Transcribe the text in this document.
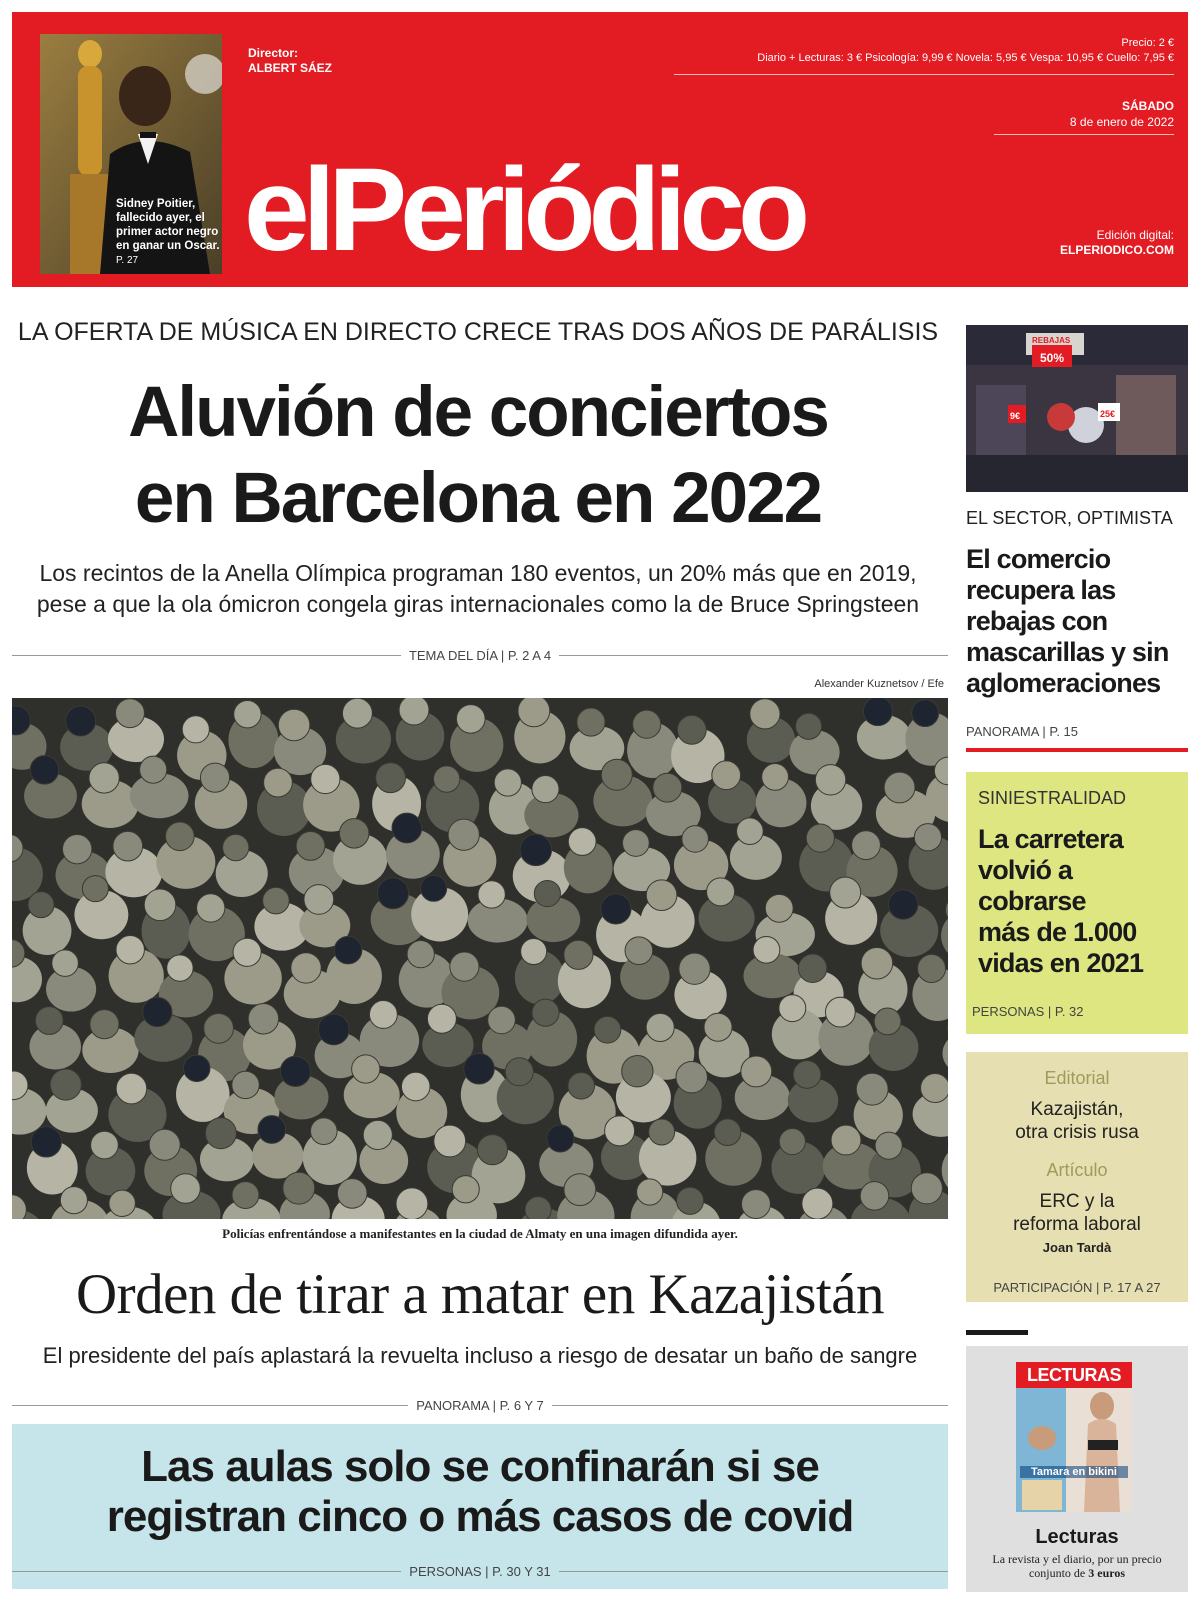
Sidney Poitier, fallecido ayer, el primer actor negro en ganar un Oscar. P. 27
Director:
ALBERT SÁEZ
Precio: 2 €
Diario + Lecturas: 3 € Psicología: 9,99 € Novela: 5,95 € Vespa: 10,95 € Cuello: 7,95 €
SÁBADO
8 de enero de 2022
elPeriódico	Edición digital:
ELPERIODICO.COM
LA OFERTA DE MÚSICA EN DIRECTO CRECE TRAS DOS AÑOS DE PARÁLISIS
Aluvión de conciertos
en Barcelona en 2022
Los recintos de la Anella Olímpica programan 180 eventos, un 20% más que en 2019,
pese a que la ola ómicron congela giras internacionales como la de Bruce Springsteen
TEMA DEL DÍA | P. 2 A 4
Alexander Kuznetsov / Efe
Policías enfrentándose a manifestantes en la ciudad de Almaty en una imagen difundida ayer.
Orden de tirar a matar en Kazajistán
El presidente del país aplastará la revuelta incluso a riesgo de desatar un baño de sangre
PANORAMA | P. 6 Y 7
Las aulas solo se confinarán si se
registran cinco o más casos de covid
PERSONAS | P. 30 Y 31
50%
9€	25€
REBAJAS
EL SECTOR, OPTIMISTA
El comercio
recupera las
rebajas con
mascarillas y sin
aglomeraciones
PANORAMA | P. 15
SINIESTRALIDAD
La carretera
volvió a
cobrarse
más de 1.000
vidas en 2021
PERSONAS | P. 32
Editorial
Kazajistán,
otra crisis rusa
Artículo
ERC y la
reforma laboral
Joan Tardà
PARTICIPACIÓN | P. 17 A 27
LECTURAS
Tamara en bikini
Lecturas
La revista y el diario, por un precio
conjunto de 3 euros
